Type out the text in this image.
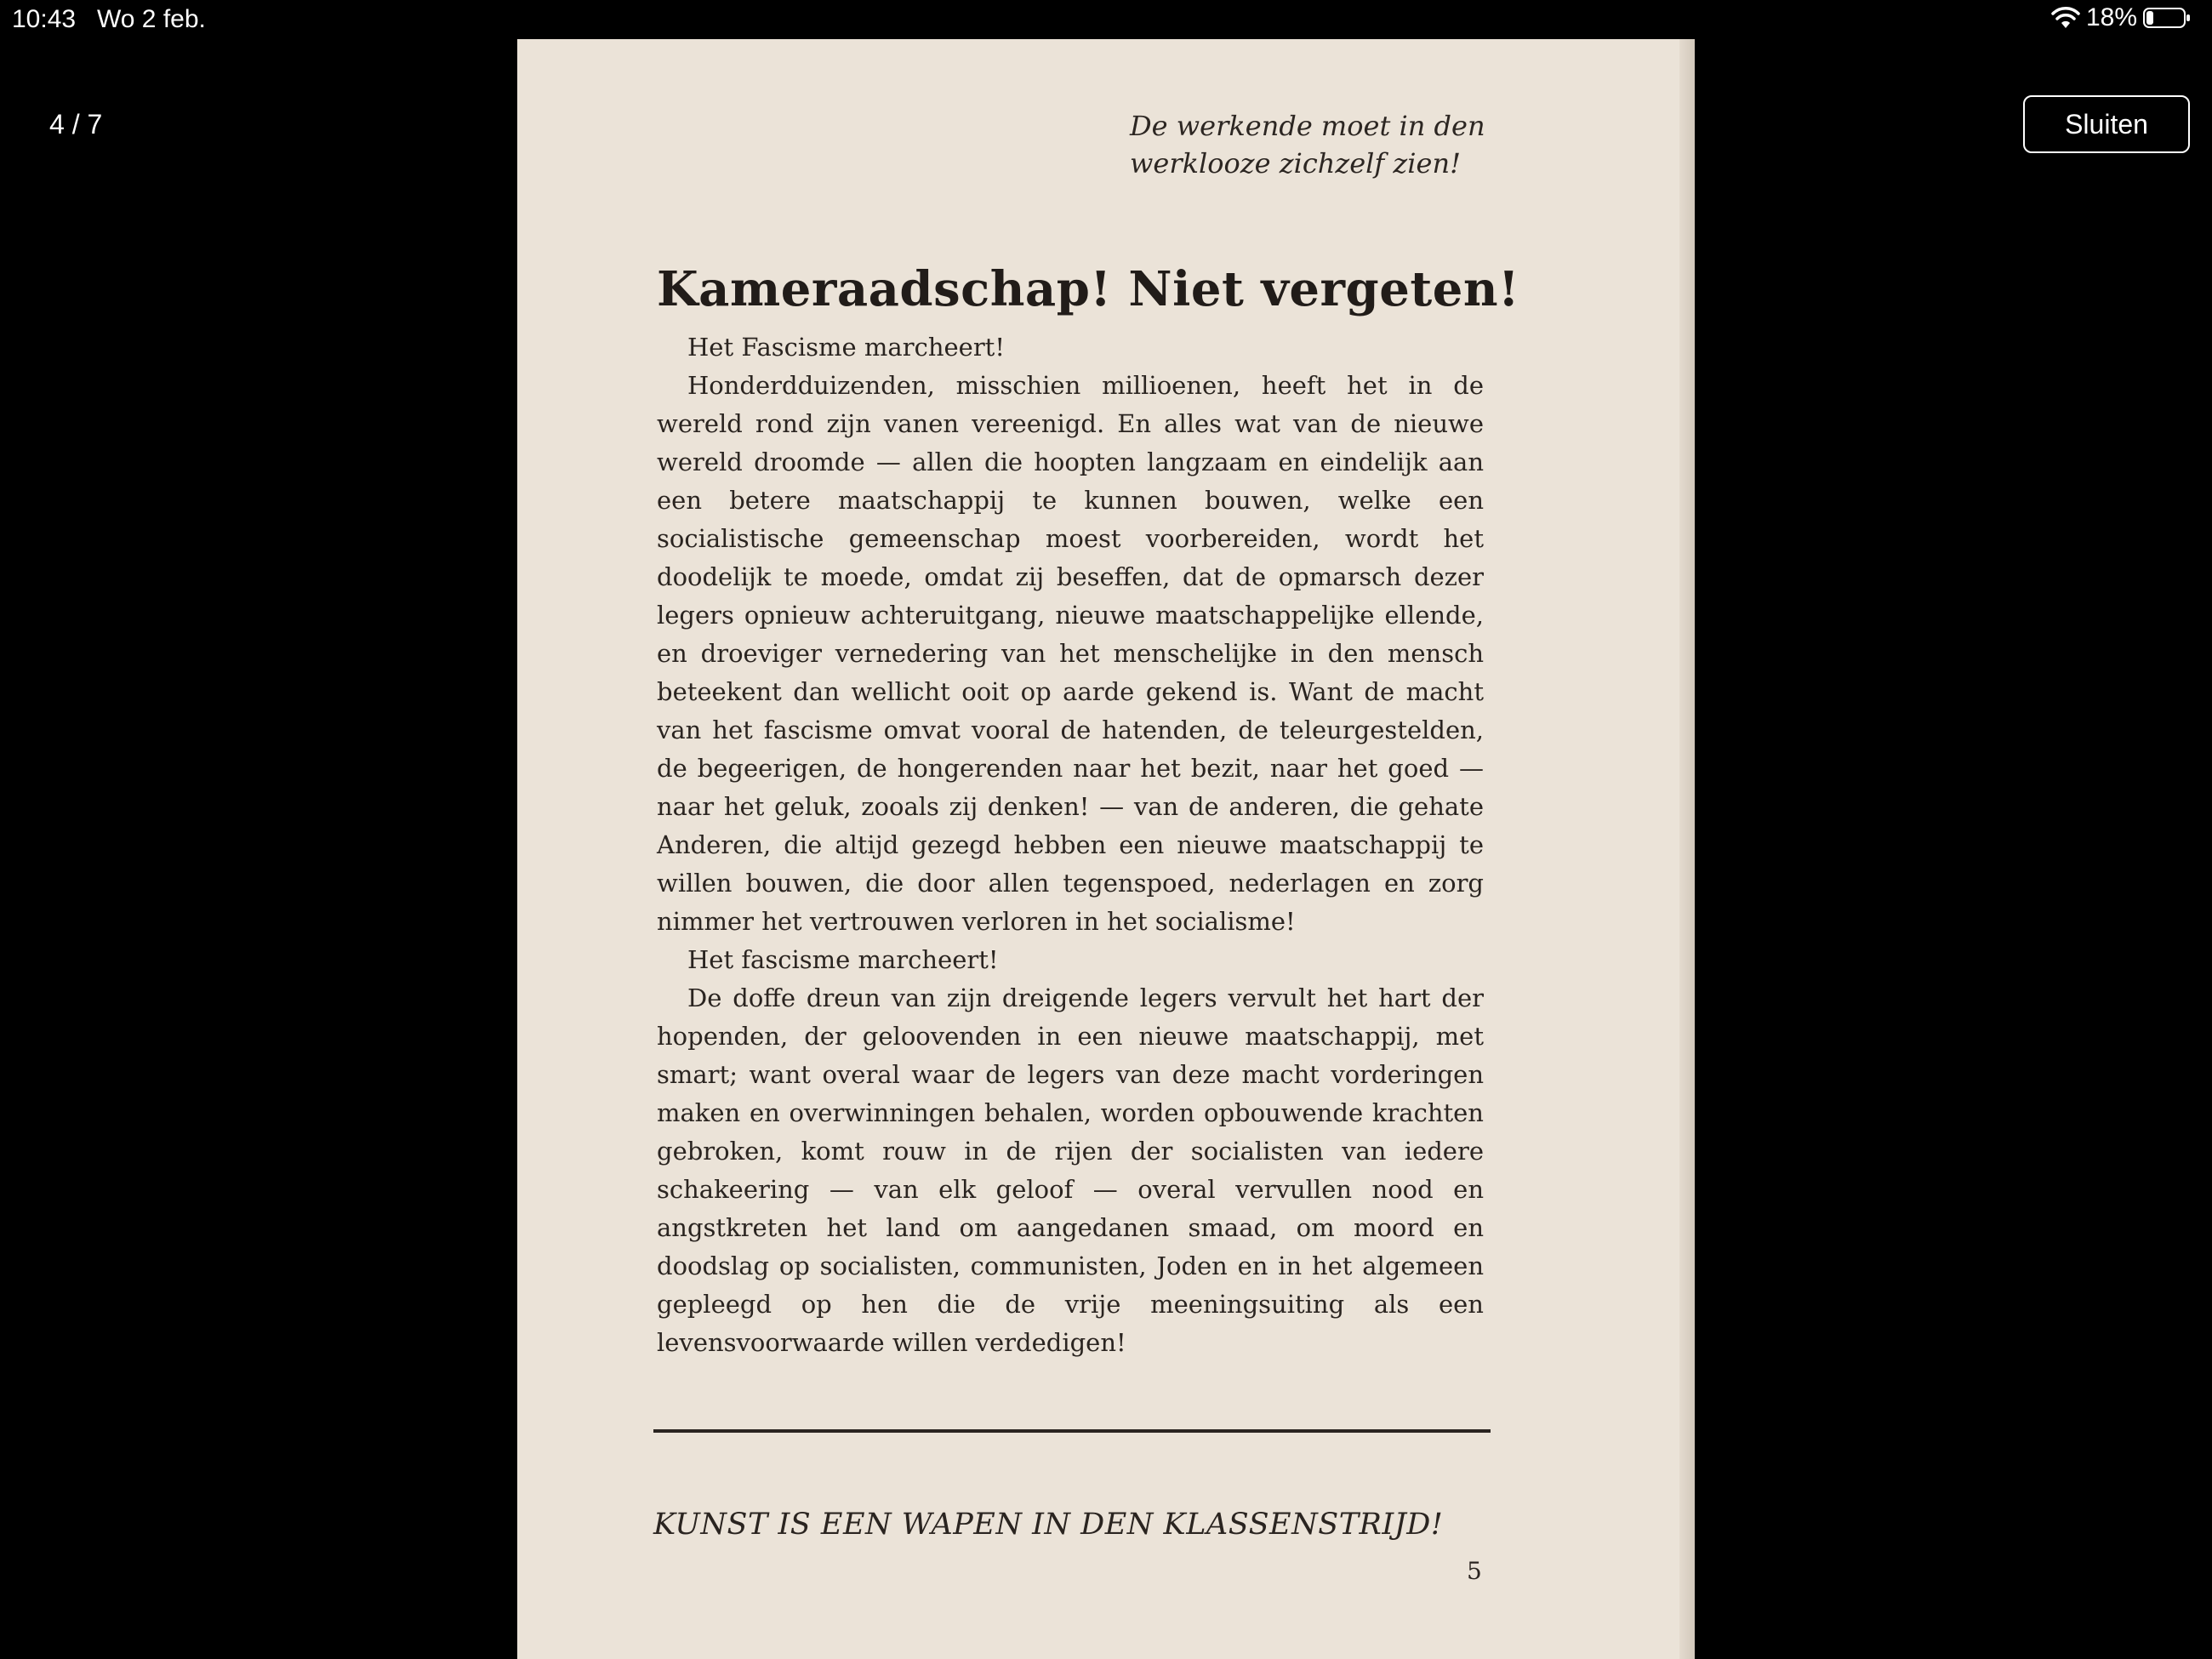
10:43 Wo 2 feb.	18%
4 / 7	Sluiten
De werkende moet in den werklooze zichzelf zien!
Kameraadschap! Niet vergeten!

Het Fascisme marcheert!

Honderdduizenden, misschien millioenen, heeft het in de wereld rond zijn vanen vereenigd. En alles wat van de nieuwe wereld droomde — allen die hoopten langzaam en eindelijk aan een betere maatschappij te kunnen bouwen, welke een socialistische gemeenschap moest voorbereiden, wordt het doodelijk te moede, omdat zij beseffen, dat de opmarsch dezer legers opnieuw achteruitgang, nieuwe maatschappelijke ellende, en droeviger vernedering van het menschelijke in den mensch beteekent dan wellicht ooit op aarde gekend is. Want de macht van het fascisme omvat vooral de hatenden, de teleurgestelden, de begeerigen, de hongerenden naar het bezit, naar het goed — naar het geluk, zooals zij denken! — van de anderen, die gehate Anderen, die altijd gezegd hebben een nieuwe maatschappij te willen bouwen, die door allen tegenspoed, nederlagen en zorg nimmer het vertrouwen verloren in het socialisme!

Het fascisme marcheert!

De doffe dreun van zijn dreigende legers vervult het hart der hopenden, der geloovenden in een nieuwe maatschappij, met smart; want overal waar de legers van deze macht vorderingen maken en overwinningen behalen, worden opbouwende krachten gebroken, komt rouw in de rijen der socialisten van iedere schakeering — van elk geloof — overal vervullen nood en angstkreten het land om aangedanen smaad, om moord en doodslag op socialisten, communisten, Joden en in het algemeen gepleegd op hen die de vrije meeningsuiting als een levensvoorwaarde willen verdedigen!

KUNST IS EEN WAPEN IN DEN KLASSENSTRIJD!
5
